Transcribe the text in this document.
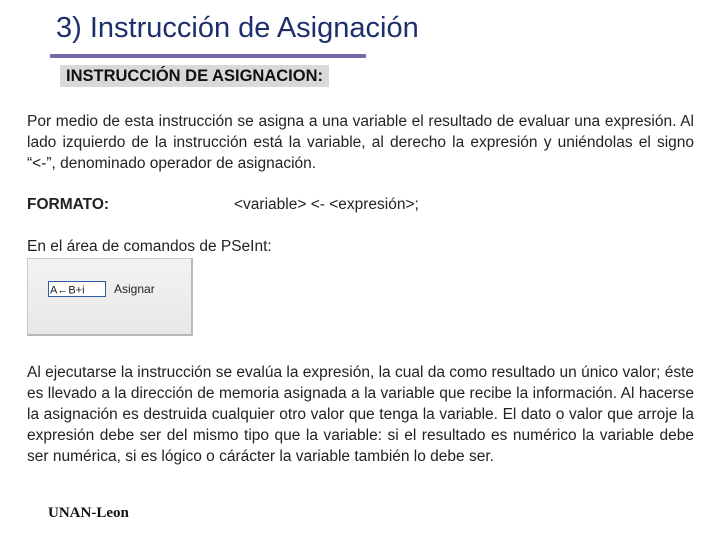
3) Instrucción de Asignación
INSTRUCCIÓN DE ASIGNACION:

Por medio de esta instrucción se asigna a una variable el resultado de evaluar una expresión. Al lado izquierdo de la instrucción está la variable, al derecho la expresión y uniéndolas el signo “<-”, denominado operador de asignación.

FORMATO:	<variable> <- <expresión>;
En el área de comandos de PSeInt:
A←B+i Asignar

Al ejecutarse la instrucción se evalúa la expresión, la cual da como resultado un único valor; éste es llevado a la dirección de memoria asignada a la variable que recibe la información. Al hacerse la asignación es destruida cualquier otro valor que tenga la variable. El dato o valor que arroje la expresión debe ser del mismo tipo que la variable: si el resultado es numérico la variable debe ser numérica, si es lógico o cárácter la variable también lo debe ser.

UNAN-Leon
